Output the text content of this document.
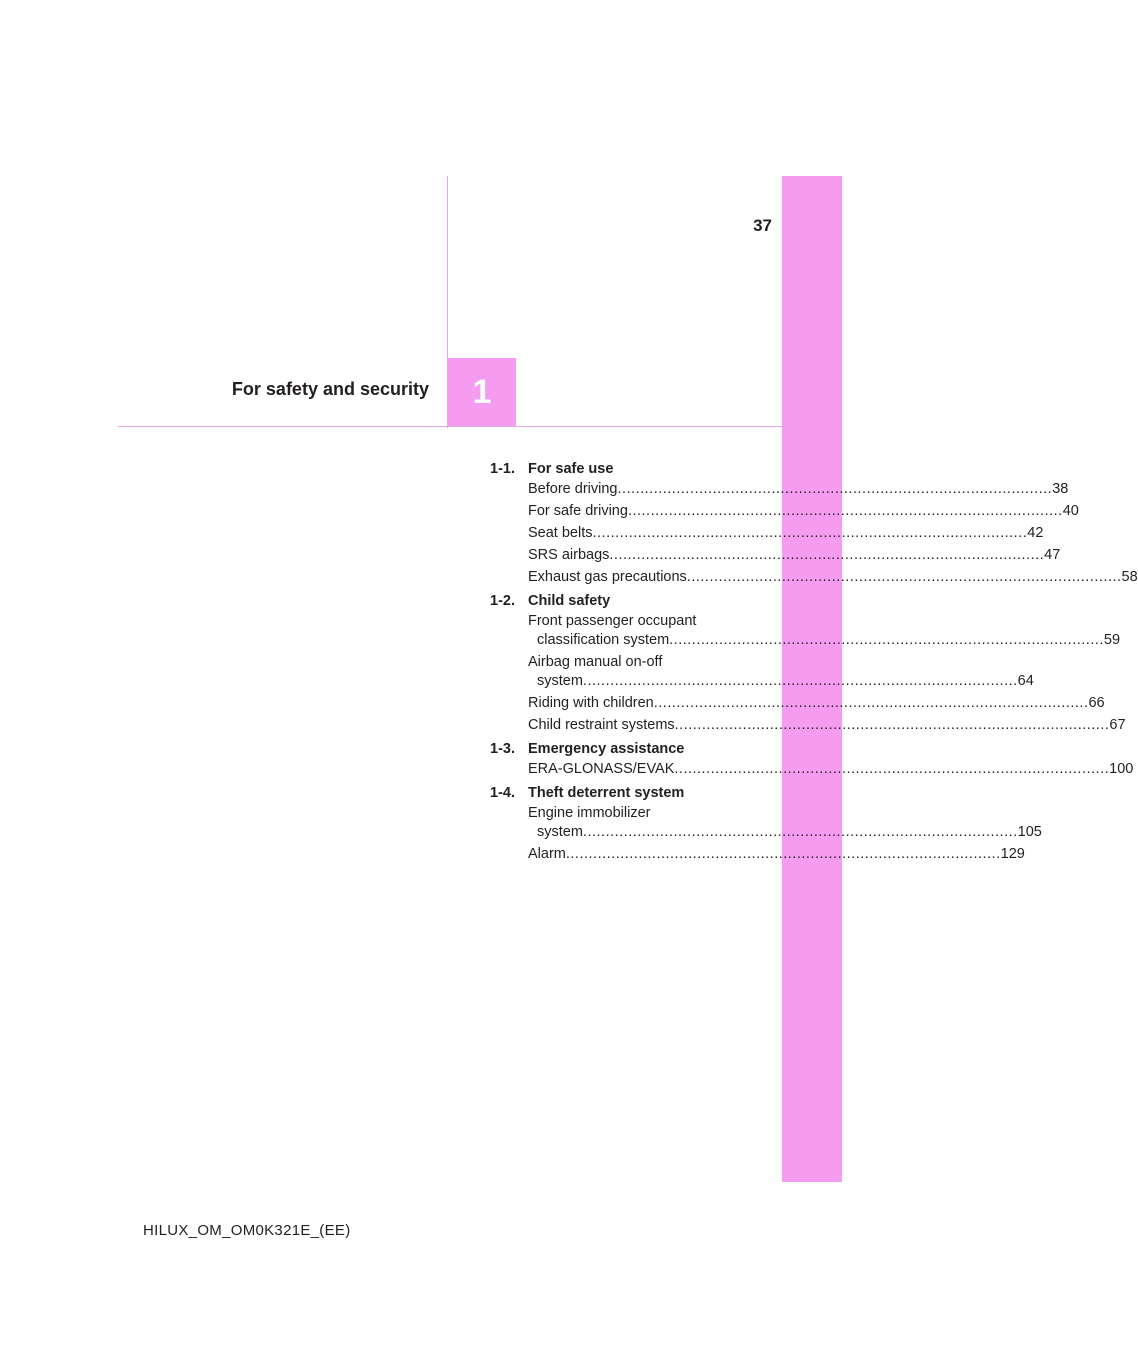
37
1
For safety and security
1-1. For safe use
Before driving .....	38
For safe driving .....	40
Seat belts .....	42
SRS airbags .....	47
Exhaust gas precautions .....	58
1-2. Child safety
Front passenger occupant
classification system .....	59
Airbag manual on-off
system .....	64
Riding with children .....	66
Child restraint systems .....	67
1-3. Emergency assistance
ERA-GLONASS/EVAK .....	100
1-4. Theft deterrent system
Engine immobilizer
system .....	105
Alarm .....	129
HILUX_OM_OM0K321E_(EE)
